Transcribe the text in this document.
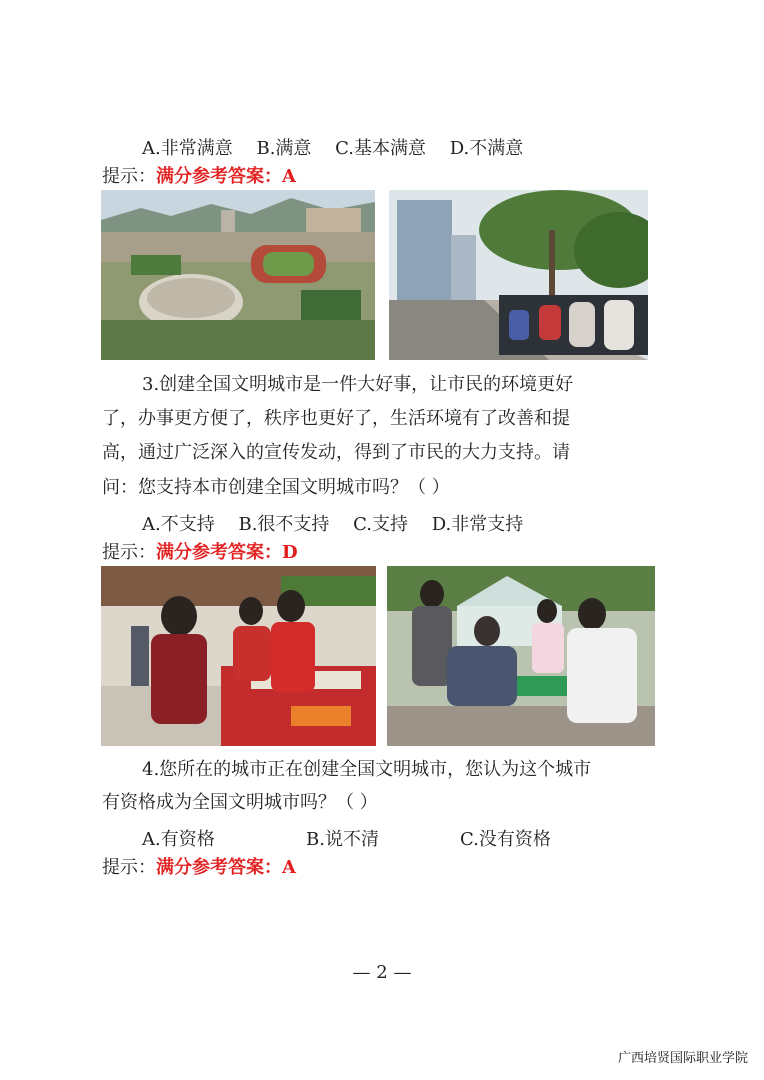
A.非常满意 B.满意 C.基本满意 D.不满意
提示：满分参考答案：A
3.创建全国文明城市是一件大好事，让市民的环境更好
了，办事更方便了，秩序也更好了，生活环境有了改善和提
高，通过广泛深入的宣传发动，得到了市民的大力支持。请
问：您支持本市创建全国文明城市吗？（ ）
A.不支持 B.很不支持 C.支持 D.非常支持
提示：满分参考答案：D
4.您所在的城市正在创建全国文明城市，您认为这个城市
有资格成为全国文明城市吗？（ ）
A.有资格	B.说不清	C.没有资格
提示：满分参考答案：A
— 2 —
广西培贤国际职业学院
